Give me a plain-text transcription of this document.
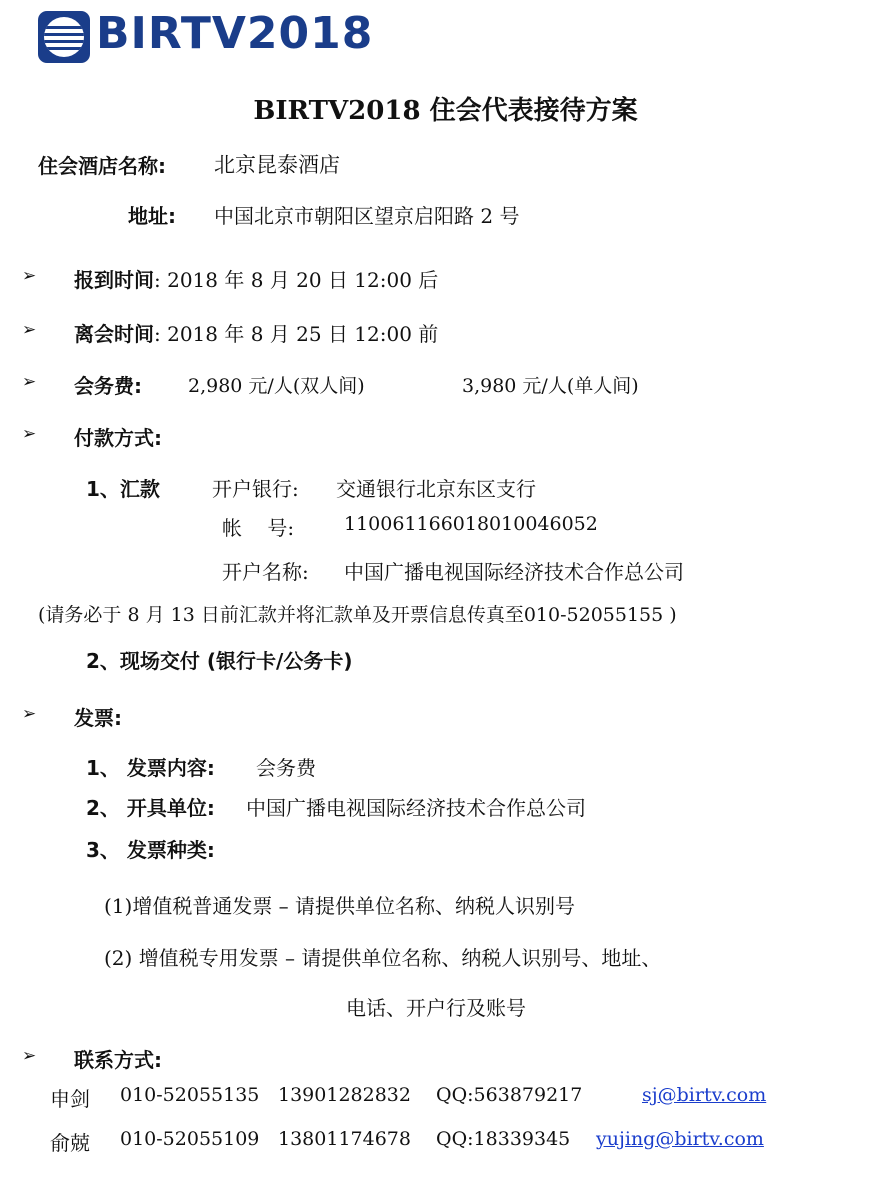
BIRTV2018
BIRTV2018 住会代表接待方案
住会酒店名称: 北京昆泰酒店
地址: 中国北京市朝阳区望京启阳路 2 号
➢ 报到时间: 2018 年 8 月 20 日 12:00 后
➢ 离会时间: 2018 年 8 月 25 日 12:00 前
➢ 会务费: 2,980 元/人(双人间)	3,980 元/人(单人间)
➢ 付款方式:
1、汇款	开户银行: 交通银行北京东区支行
帐    号:	110061166018010046052
开户名称: 中国广播电视国际经济技术合作总公司
(请务必于 8 月 13 日前汇款并将汇款单及开票信息传真至010-52055155 )
2、现场交付 (银行卡/公务卡)
➢ 发票:
1、 发票内容: 会务费
2、 开具单位: 中国广播电视国际经济技术合作总公司
3、 发票种类:
(1)增值税普通发票 – 请提供单位名称、纳税人识别号
(2) 增值税专用发票 – 请提供单位名称、纳税人识别号、地址、
电话、开户行及账号
➢ 联系方式:
申剑 010-52055135 13901282832 QQ:563879217	sj@birtv.com
俞兢 010-52055109 13801174678 QQ:18339345 yujing@birtv.com
